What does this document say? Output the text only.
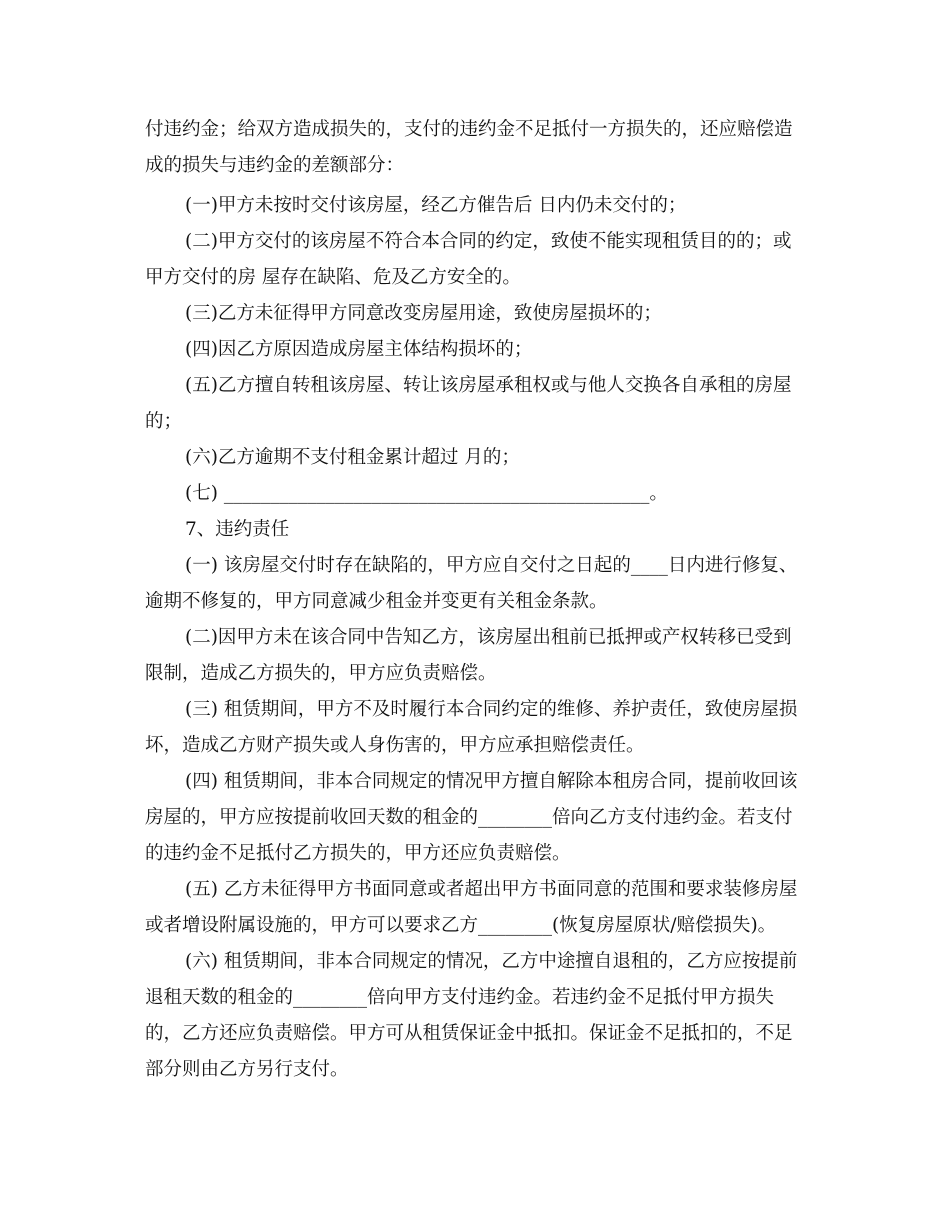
付违约金；给双方造成损失的，支付的违约金不足抵付一方损失的，还应赔偿造
成的损失与违约金的差额部分：
(一)甲方未按时交付该房屋，经乙方催告后 日内仍未交付的；
(二)甲方交付的该房屋不符合本合同的约定，致使不能实现租赁目的的；或
甲方交付的房 屋存在缺陷、危及乙方安全的。
(三)乙方未征得甲方同意改变房屋用途，致使房屋损坏的；
(四)因乙方原因造成房屋主体结构损坏的；
(五)乙方擅自转租该房屋、转让该房屋承租权或与他人交换各自承租的房屋
的；
(六)乙方逾期不支付租金累计超过 月的；
(七) ______________________________________________。
7、违约责任
(一) 该房屋交付时存在缺陷的，甲方应自交付之日起的____日内进行修复、
逾期不修复的，甲方同意减少租金并变更有关租金条款。
(二)因甲方未在该合同中告知乙方，该房屋出租前已抵押或产权转移已受到
限制，造成乙方损失的，甲方应负责赔偿。
(三) 租赁期间，甲方不及时履行本合同约定的维修、养护责任，致使房屋损
坏，造成乙方财产损失或人身伤害的，甲方应承担赔偿责任。
(四) 租赁期间，非本合同规定的情况甲方擅自解除本租房合同，提前收回该
房屋的，甲方应按提前收回天数的租金的________倍向乙方支付违约金。若支付
的违约金不足抵付乙方损失的，甲方还应负责赔偿。
(五) 乙方未征得甲方书面同意或者超出甲方书面同意的范围和要求装修房屋
或者增设附属设施的，甲方可以要求乙方________(恢复房屋原状/赔偿损失)。
(六) 租赁期间，非本合同规定的情况，乙方中途擅自退租的，乙方应按提前
退租天数的租金的________倍向甲方支付违约金。若违约金不足抵付甲方损失
的，乙方还应负责赔偿。甲方可从租赁保证金中抵扣。保证金不足抵扣的，不足
部分则由乙方另行支付。
